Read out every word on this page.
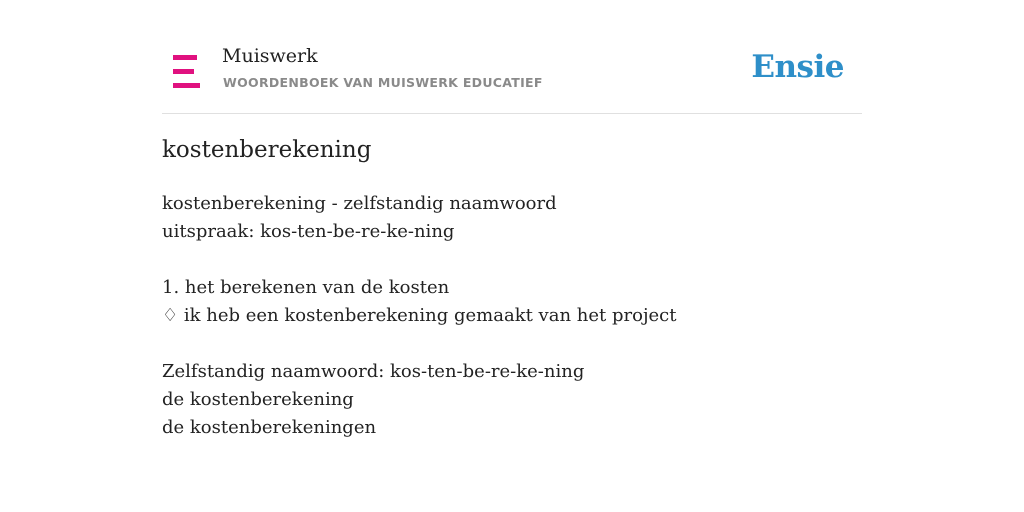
Muiswerk
WOORDENBOEK VAN MUISWERK EDUCATIEF	Ensie
kostenberekening
kostenberekening - zelfstandig naamwoord
uitspraak: kos-ten-be-re-ke-ning
1. het berekenen van de kosten
♢ ik heb een kostenberekening gemaakt van het project
Zelfstandig naamwoord: kos-ten-be-re-ke-ning
de kostenberekening
de kostenberekeningen
